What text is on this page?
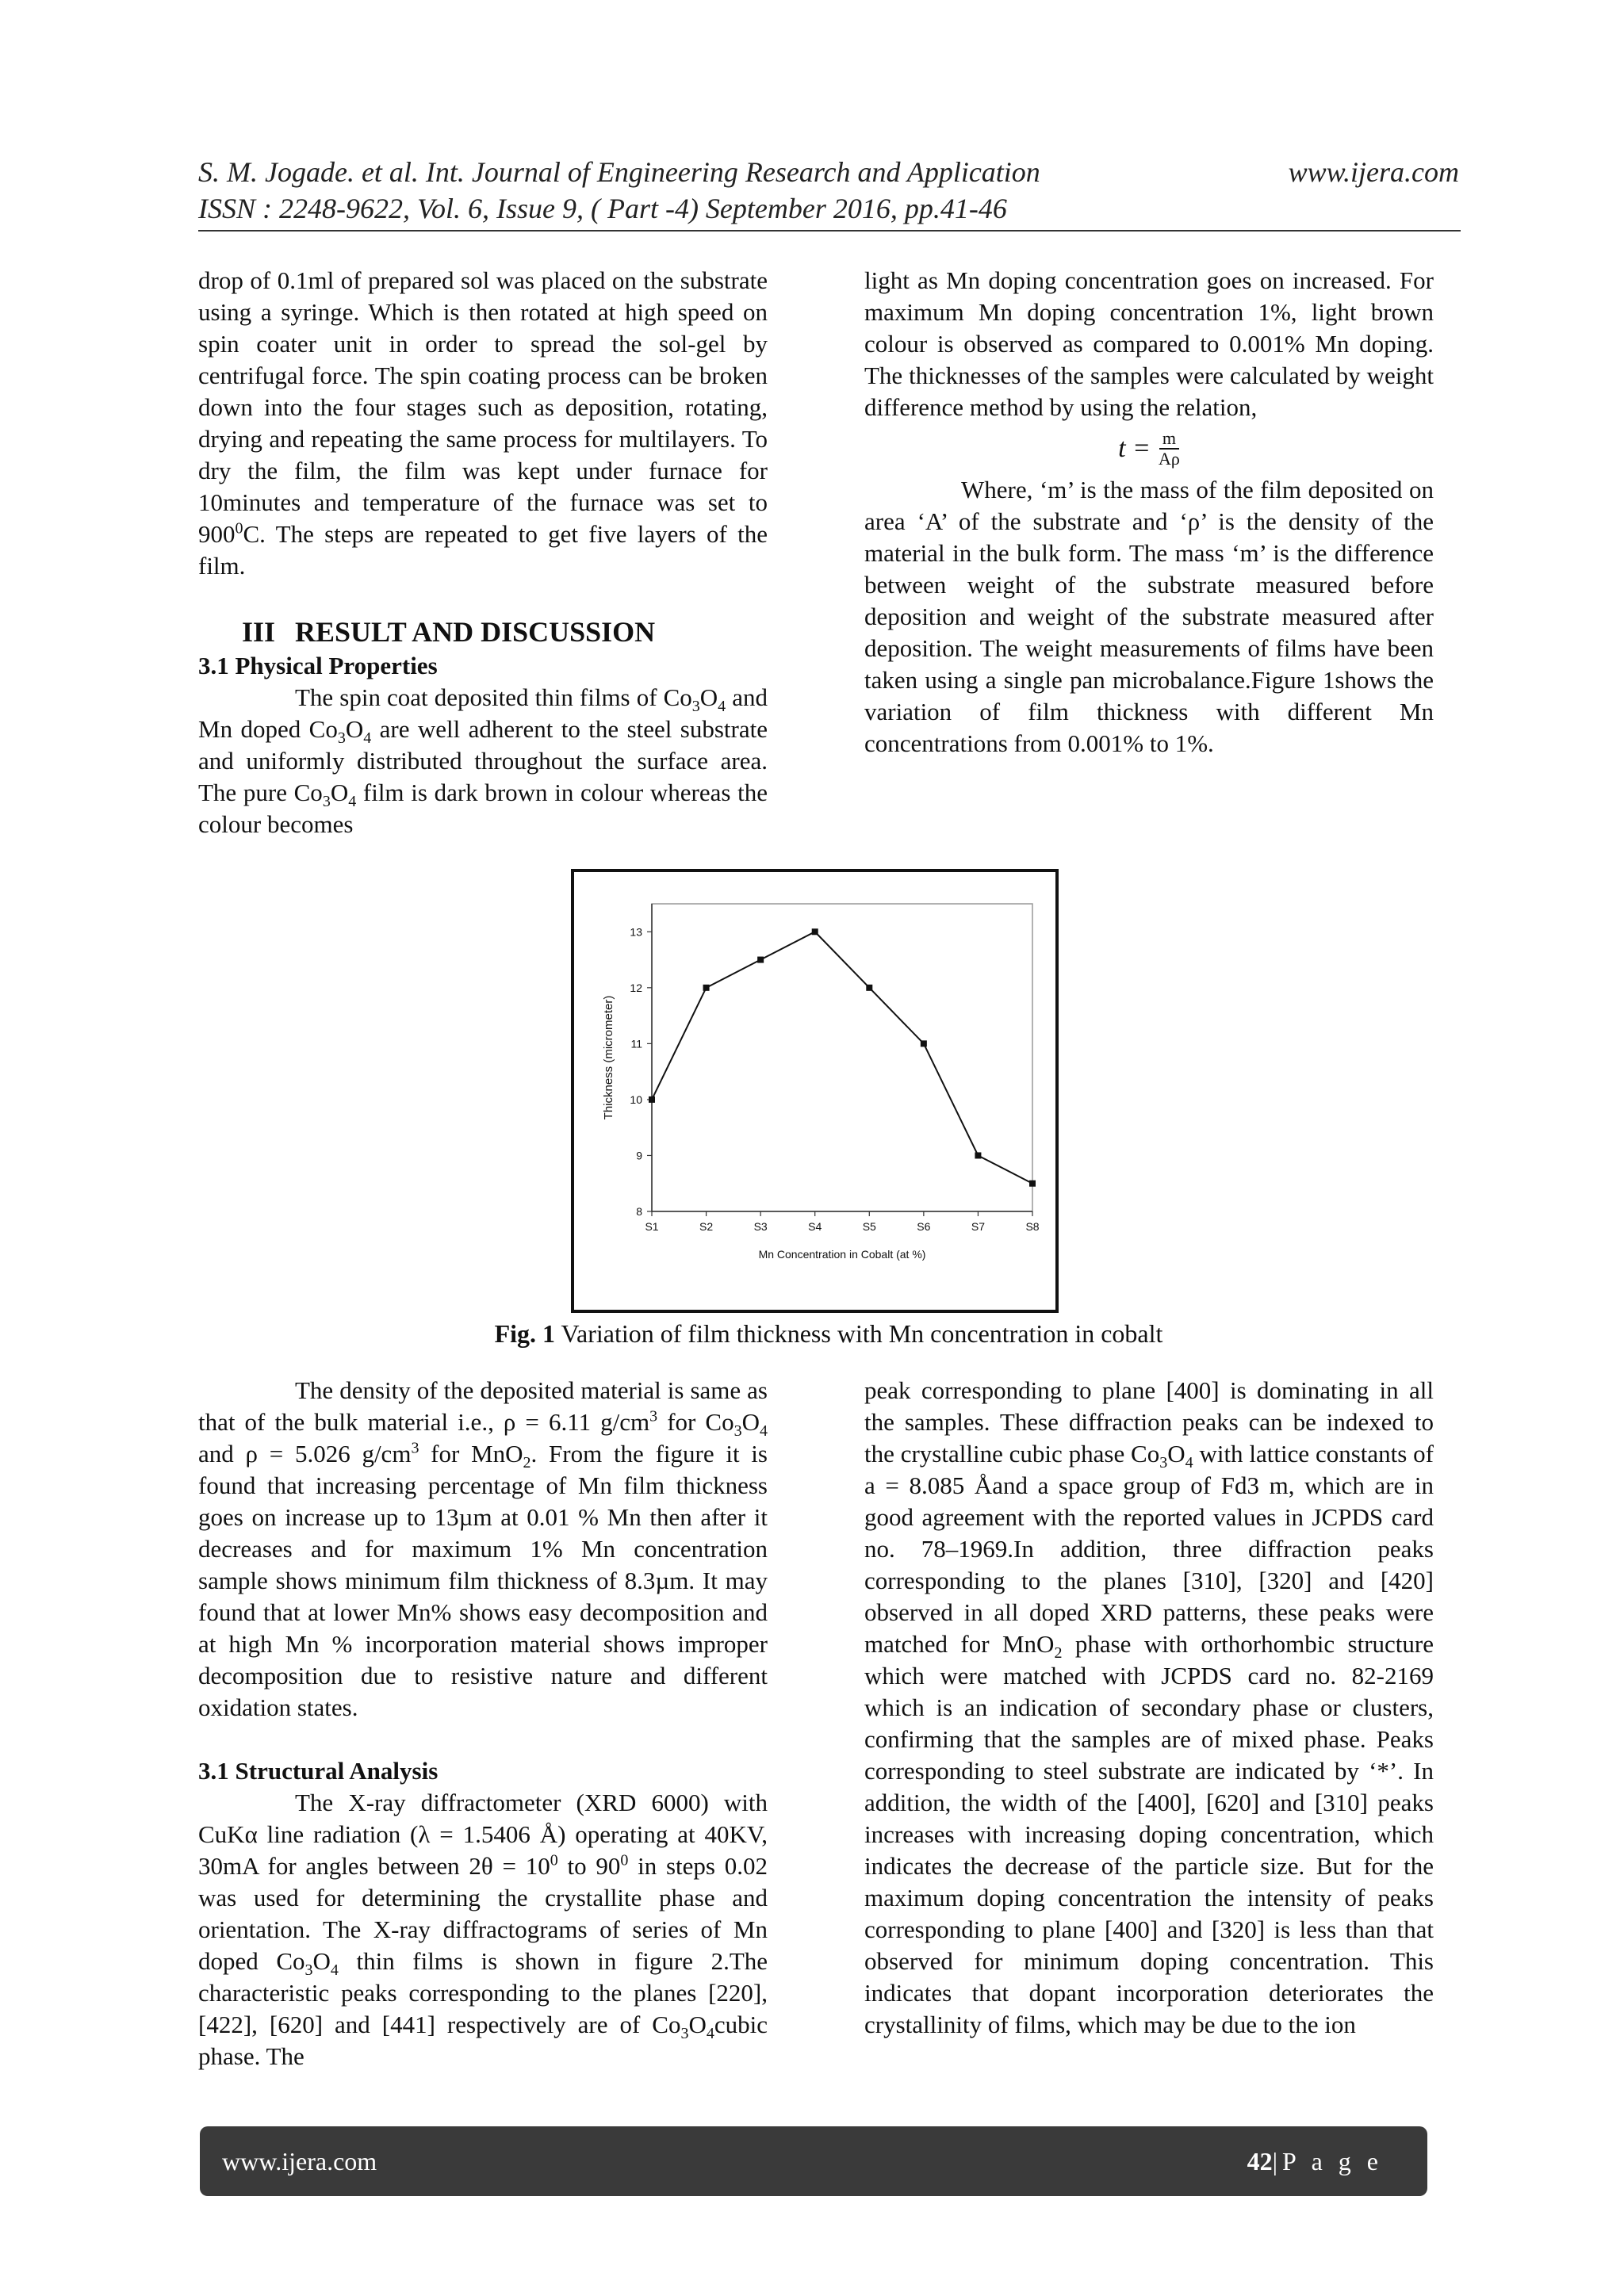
S. M. Jogade. et al. Int. Journal of Engineering Research and Application	www.ijera.com
ISSN : 2248-9622, Vol. 6, Issue 9, ( Part -4) September 2016, pp.41-46

drop of 0.1ml of prepared sol was placed on the substrate using a syringe. Which is then rotated at high speed on spin coater unit in order to spread the sol-gel by centrifugal force. The spin coating process can be broken down into the four stages such as deposition, rotating, drying and repeating the same process for multilayers. To dry the film, the film was kept under furnace for 10minutes and temperature of the furnace was set to $900^0C$. The steps are repeated to get five layers of the film.

III RESULT AND DISCUSSION

3.1 Physical Properties

The spin coat deposited thin films of $Co_3O_4$ and Mn doped $Co_3O_4$ are well adherent to the steel substrate and uniformly distributed throughout the surface area. The pure $Co_3O_4$ film is dark brown in colour whereas the colour becomes

light as Mn doping concentration goes on increased. For maximum Mn doping concentration 1%, light brown colour is observed as compared to 0.001% Mn doping. The thicknesses of the samples were calculated by weight difference method by using the relation,

$t = \frac{m}{A\rho}$

Where, ‘m’ is the mass of the film deposited on area ‘A’ of the substrate and ‘ρ’ is the density of the material in the bulk form. The mass ‘m’ is the difference between weight of the substrate measured before deposition and weight of the substrate measured after deposition. The weight measurements of films have been taken using a single pan microbalance.Figure 1shows the variation of film thickness with different Mn concentrations from 0.001% to 1%.

8
9
10
11
12
13
S1	S2	S3	S4	S5	S6	S7	S8
Mn Concentration in Cobalt (at %)
Thickness (micrometer)
Fig. 1 Variation of film thickness with Mn concentration in cobalt

The density of the deposited material is same as that of the bulk material i.e., ρ = 6.11 $g/cm^3$ for $Co_3O_4$ and ρ = 5.026 $g/cm^3$ for MnO$_2$. From the figure it is found that increasing percentage of Mn film thickness goes on increase up to 13µm at 0.01 % Mn then after it decreases and for maximum 1% Mn concentration sample shows minimum film thickness of 8.3µm. It may found that at lower Mn% shows easy decomposition and at high Mn % incorporation material shows improper decomposition due to resistive nature and different oxidation states.

3.1 Structural Analysis

The X-ray diffractometer (XRD 6000) with CuKα line radiation (λ = 1.5406 Å) operating at 40KV, 30mA for angles between $2\theta = 10^0$ to $90^0$ in steps 0.02 was used for determining the crystallite phase and orientation. The X-ray diffractograms of series of Mn doped $Co_3O_4$ thin films is shown in figure 2.The characteristic peaks corresponding to the planes [220], [422], [620] and [441] respectively are of $Co_3O_4cubic$ phase. The

peak corresponding to plane [400] is dominating in all the samples. These diffraction peaks can be indexed to the crystalline cubic phase $Co_3O_4$ with lattice constants of a = 8.085 Åand a space group of Fd3 m, which are in good agreement with the reported values in JCPDS card no. 78–1969.In addition, three diffraction peaks corresponding to the planes [310], [320] and [420] observed in all doped XRD patterns, these peaks were matched for MnO$_2$ phase with orthorhombic structure which were matched with JCPDS card no. 82-2169 which is an indication of secondary phase or clusters, confirming that the samples are of mixed phase. Peaks corresponding to steel substrate are indicated by ‘*’. In addition, the width of the [400], [620] and [310] peaks increases with increasing doping concentration, which indicates the decrease of the particle size. But for the maximum doping concentration the intensity of peaks corresponding to plane [400] and [320] is less than that observed for minimum doping concentration. This indicates that dopant incorporation deteriorates the crystallinity of films, which may be due to the ion

www.ijera.com	42|P a g e
